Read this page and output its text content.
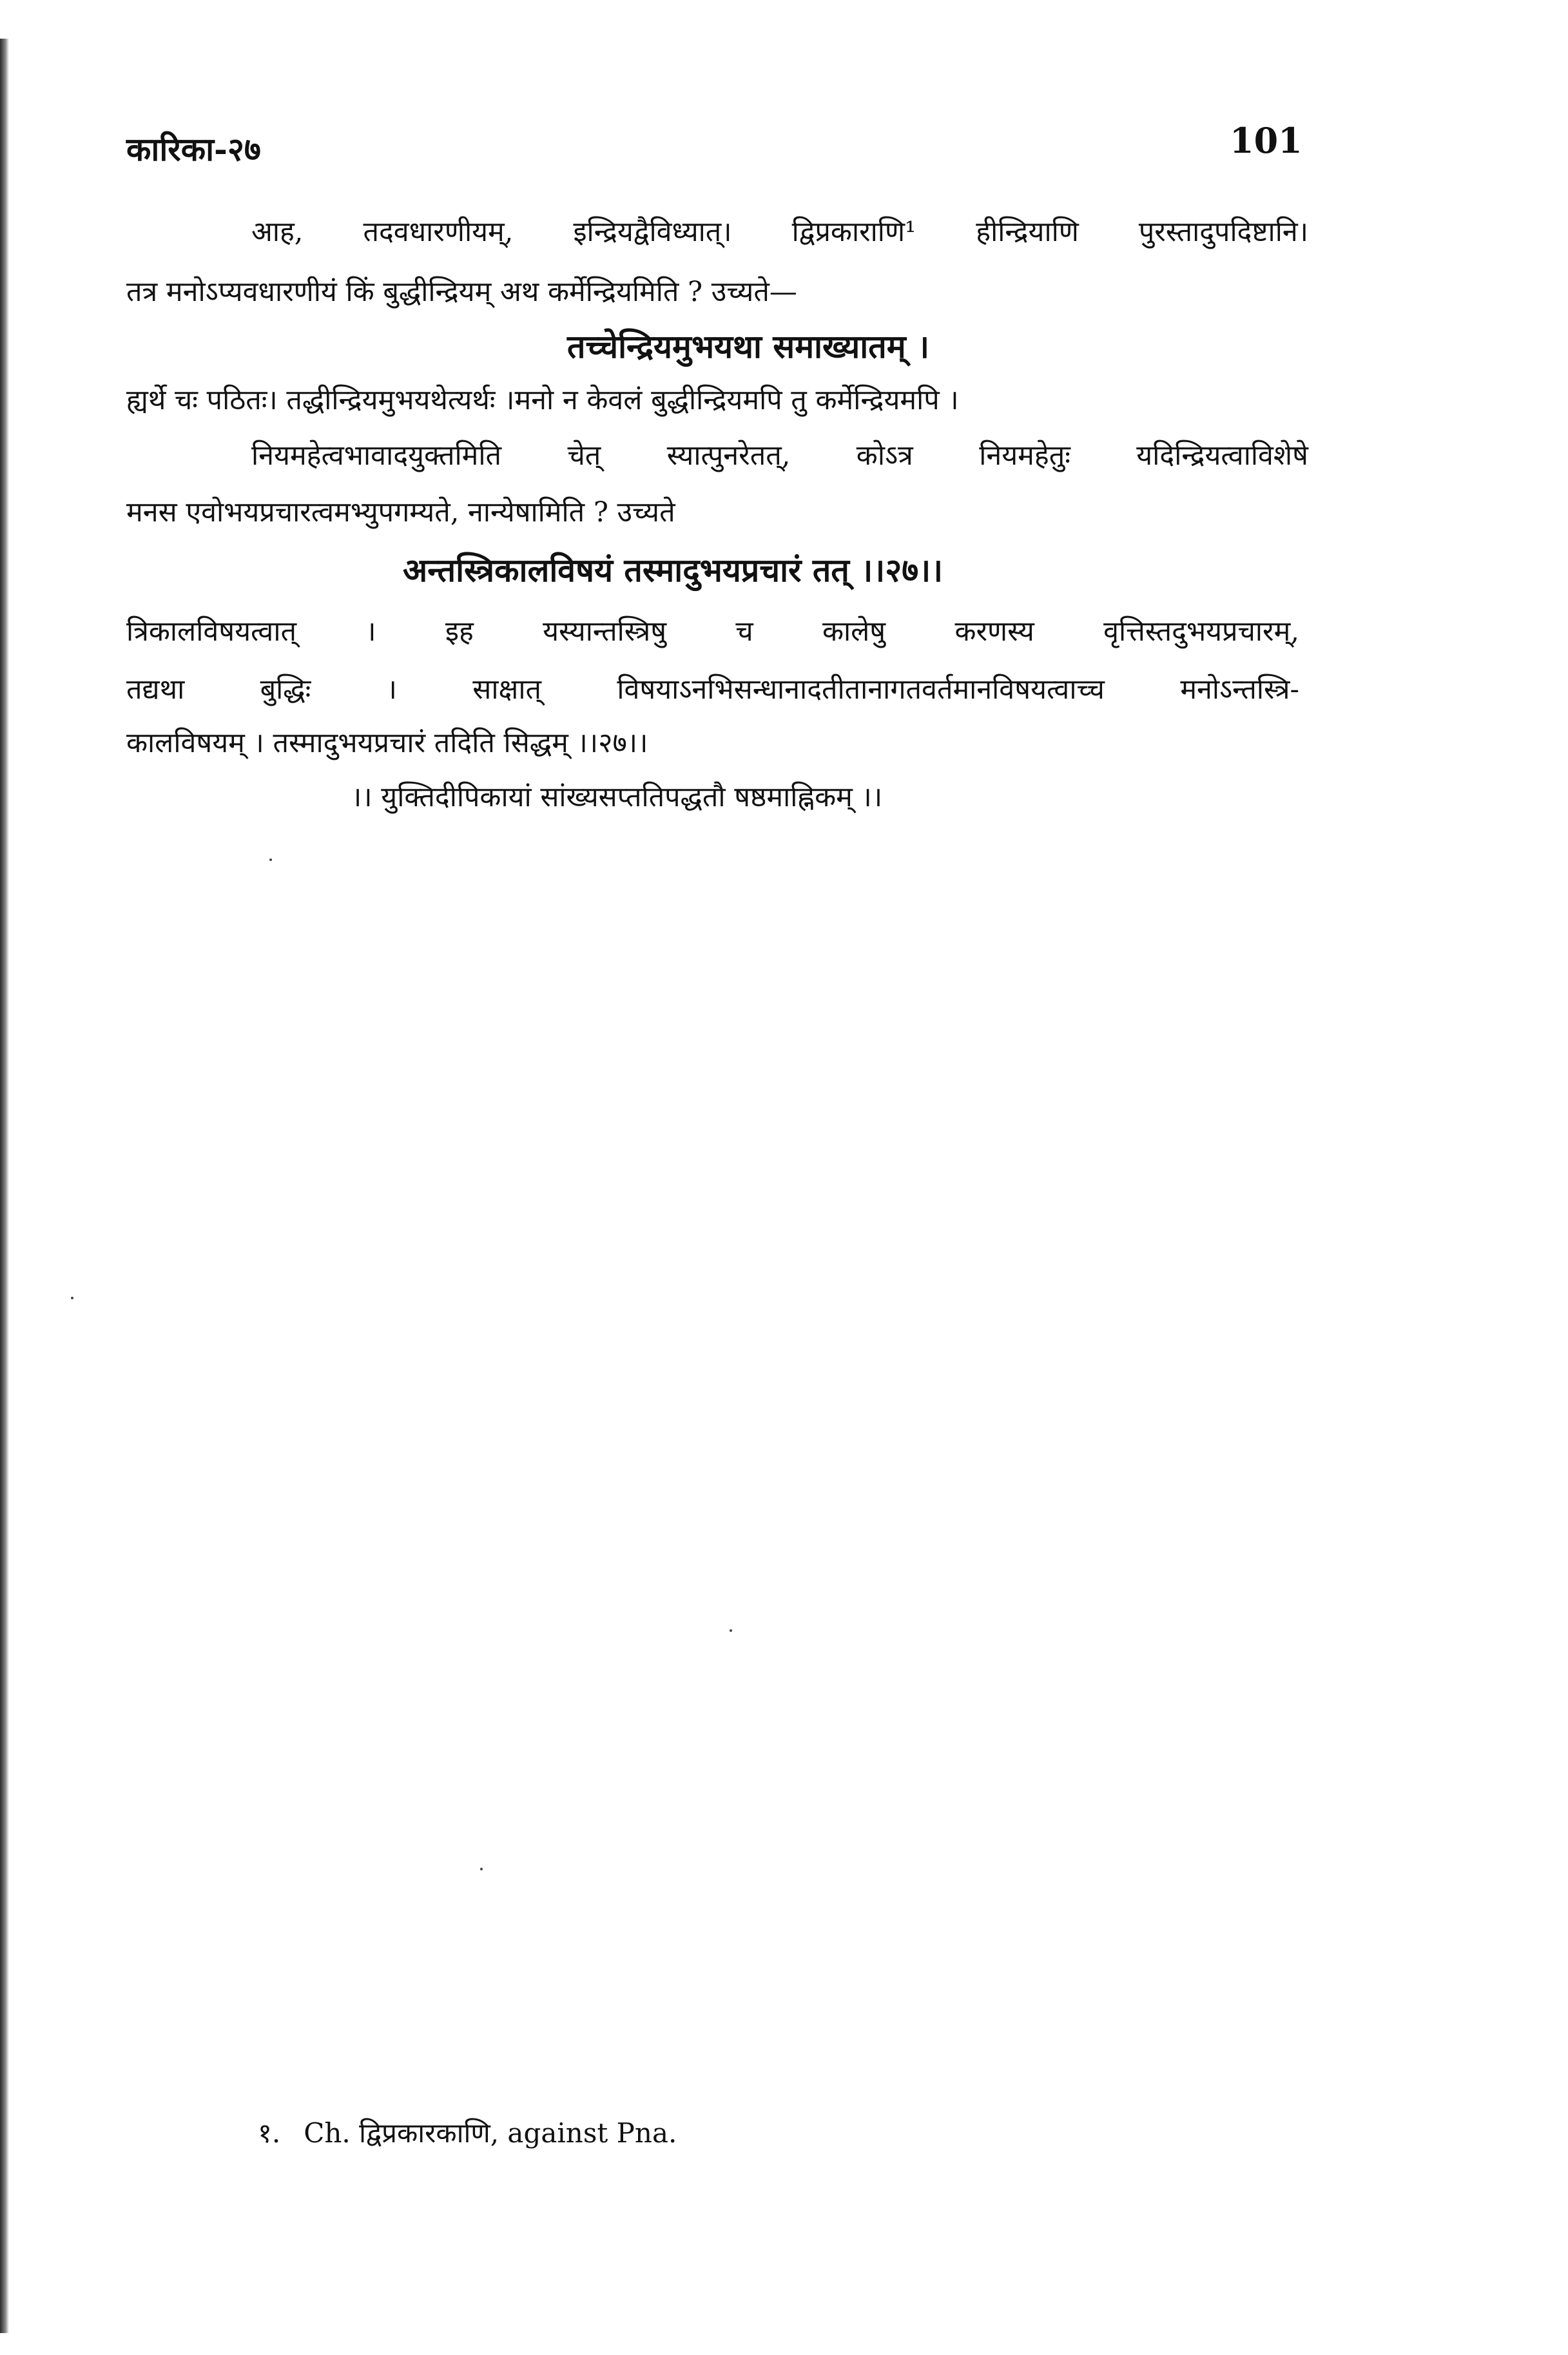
कारिका-२७	101
आह, तदवधारणीयम्, इन्द्रियद्वैविध्यात्। द्विप्रकाराणि¹ हीन्द्रियाणि पुरस्तादुपदिष्टानि।
तत्र मनोऽप्यवधारणीयं किं बुद्धीन्द्रियम् अथ कर्मेन्द्रियमिति ? उच्यते—
तच्चेन्द्रियमुभयथा समाख्यातम् ।
ह्यर्थे चः पठितः। तद्धीन्द्रियमुभयथेत्यर्थः ।मनो न केवलं बुद्धीन्द्रियमपि तु कर्मेन्द्रियमपि ।
नियमहेत्वभावादयुक्तमिति चेत् स्यात्पुनरेतत्, कोऽत्र नियमहेतुः यदिन्द्रियत्वाविशेषे
मनस एवोभयप्रचारत्वमभ्युपगम्यते, नान्येषामिति ? उच्यते
अन्तस्त्रिकालविषयं तस्मादुभयप्रचारं तत् ।।२७।।
त्रिकालविषयत्वात् । इह यस्यान्तस्त्रिषु च कालेषु करणस्य वृत्तिस्तदुभयप्रचारम्,
तद्यथा बुद्धिः । साक्षात् विषयाऽनभिसन्धानादतीतानागतवर्तमानविषयत्वाच्च मनोऽन्तस्त्रि-
कालविषयम् । तस्मादुभयप्रचारं तदिति सिद्धम् ।।२७।।
।। युक्तिदीपिकायां सांख्यसप्ततिपद्धतौ षष्ठमाह्निकम् ।।
१. Ch. द्विप्रकारकाणि, against Pna.
